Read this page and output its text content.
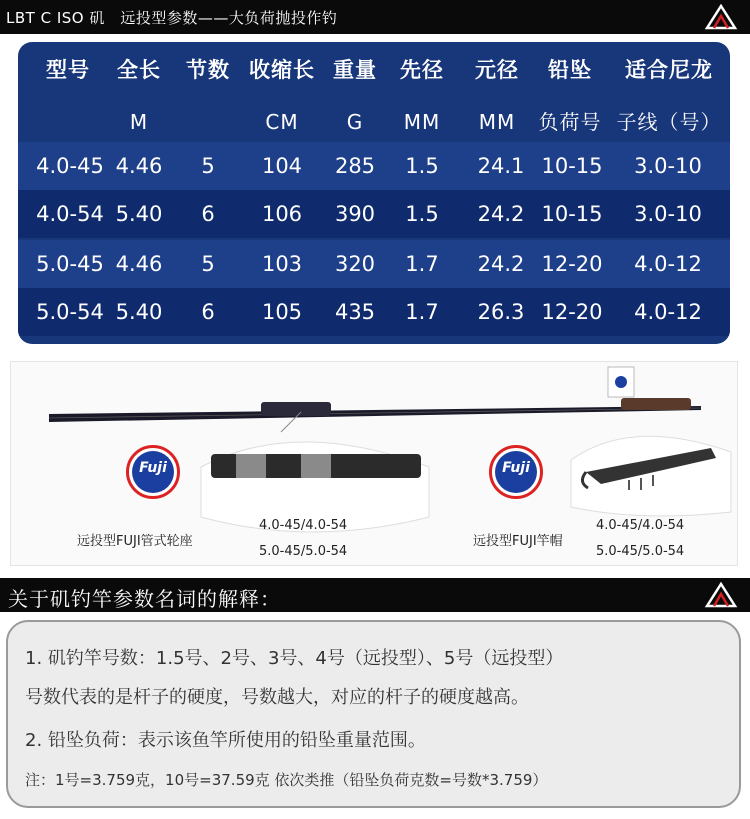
LBT C ISO 矶　远投型参数——大负荷抛投作钓
型号 全长 节数 收缩长 重量 先径 元径 铅坠 适合尼龙
M	CM G MM MM 负荷号 子线（号）
4.0-45 4.46 5 104 285 1.5 24.1 10-15 3.0-10
4.0-54 5.40 6 106 390 1.5 24.2 10-15 3.0-10
5.0-45 4.46 5 103 320 1.7 24.2 12-20 4.0-12
5.0-54 5.40 6 105 435 1.7 26.3 12-20 4.0-12
Fuji	Fuji
远投型FUJI管式轮座
4.0-45/4.0-54
5.0-45/5.0-54
远投型FUJI竿帽
4.0-45/4.0-54
5.0-45/5.0-54
关于矶钓竿参数名词的解释：
1. 矶钓竿号数：1.5号、2号、3号、4号（远投型）、5号（远投型）
号数代表的是杆子的硬度，号数越大，对应的杆子的硬度越高。
2. 铅坠负荷：表示该鱼竿所使用的铅坠重量范围。
注：1号=3.759克，10号=37.59克 依次类推（铅坠负荷克数=号数*3.759）
